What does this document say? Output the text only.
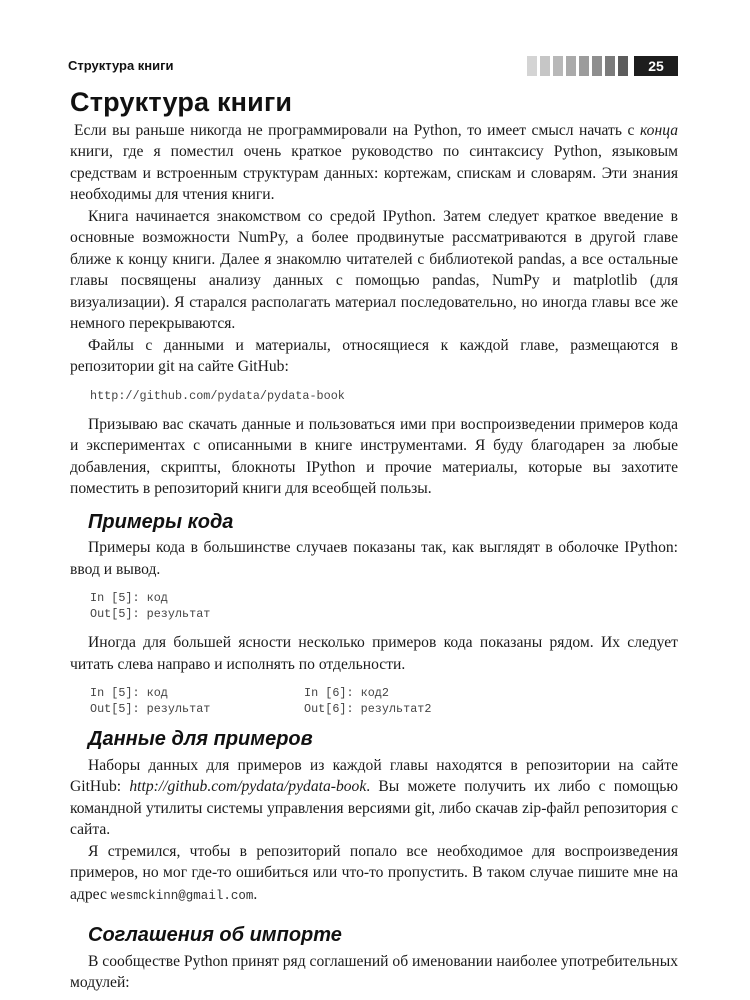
Структура книги	25
Структура книги

Если вы раньше никогда не программировали на Python, то имеет смысл начать с конца книги, где я поместил очень краткое руководство по синтаксису Python, языковым средствам и встроенным структурам данных: кортежам, спискам и словарям. Эти знания необходимы для чтения книги.

Книга начинается знакомством со средой IPython. Затем следует краткое введение в основные возможности NumPy, а более продвинутые рассматриваются в другой главе ближе к концу книги. Далее я знакомлю читателей с библиотекой pandas, а все остальные главы посвящены анализу данных с помощью pandas, NumPy и matplotlib (для визуализации). Я старался располагать материал последовательно, но иногда главы все же немного перекрываются.

Файлы с данными и материалы, относящиеся к каждой главе, размещаются в репозитории git на сайте GitHub:

http://github.com/pydata/pydata-book

Призываю вас скачать данные и пользоваться ими при воспроизведении примеров кода и экспериментах с описанными в книге инструментами. Я буду благодарен за любые добавления, скрипты, блокноты IPython и прочие материалы, которые вы захотите поместить в репозиторий книги для всеобщей пользы.

Примеры кода

Примеры кода в большинстве случаев показаны так, как выглядят в оболочке IPython: ввод и вывод.

In [5]: код
Out[5]: результат

Иногда для большей ясности несколько примеров кода показаны рядом. Их следует читать слева направо и исполнять по отдельности.

In [5]: код
Out[5]: результат
In [6]: код2
Out[6]: результат2
Данные для примеров

Наборы данных для примеров из каждой главы находятся в репозитории на сайте GitHub: http://github.com/pydata/pydata-book. Вы можете получить их либо с помощью командной утилиты системы управления версиями git, либо скачав zip-файл репозитория с сайта.

Я стремился, чтобы в репозиторий попало все необходимое для воспроизведения примеров, но мог где-то ошибиться или что-то пропустить. В таком случае пишите мне на адрес wesmckinn@gmail.com.

Соглашения об импорте

В сообществе Python принят ряд соглашений об именовании наиболее употребительных модулей:
